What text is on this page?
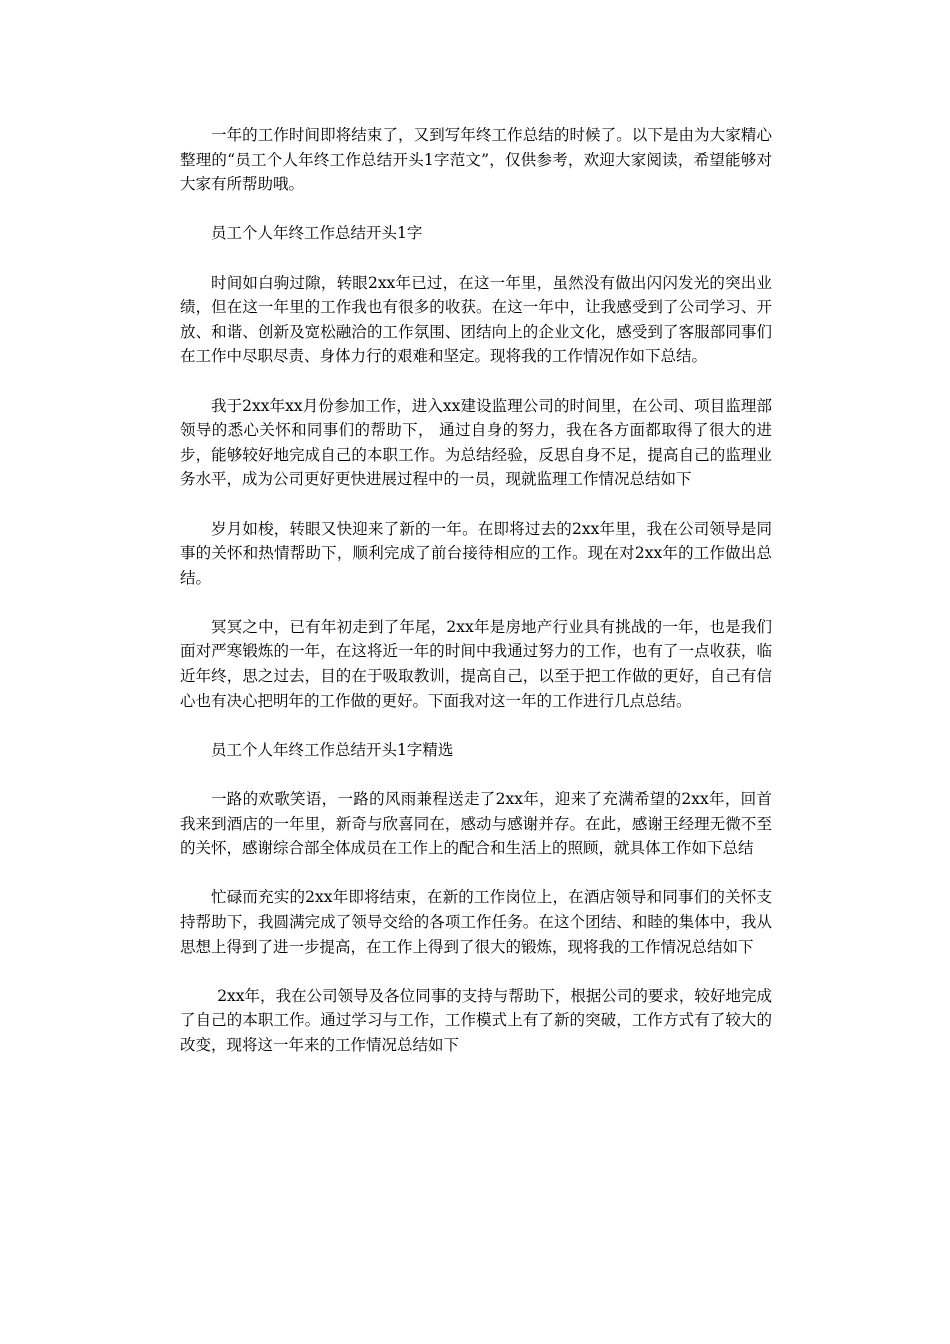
一年的工作时间即将结束了，又到写年终工作总结的时候了。以下是由为大家精心整理的“员工个人年终工作总结开头1字范文”，仅供参考，欢迎大家阅读，希望能够对大家有所帮助哦。

员工个人年终工作总结开头1字

时间如白驹过隙，转眼2xx年已过，在这一年里，虽然没有做出闪闪发光的突出业绩，但在这一年里的工作我也有很多的收获。在这一年中，让我感受到了公司学习、开放、和谐、创新及宽松融洽的工作氛围、团结向上的企业文化，感受到了客服部同事们在工作中尽职尽责、身体力行的艰难和坚定。现将我的工作情况作如下总结。

我于2xx年xx月份参加工作，进入xx建设监理公司的时间里，在公司、项目监理部领导的悉心关怀和同事们的帮助下， 通过自身的努力，我在各方面都取得了很大的进步，能够较好地完成自己的本职工作。为总结经验，反思自身不足，提高自己的监理业务水平，成为公司更好更快进展过程中的一员，现就监理工作情况总结如下

岁月如梭，转眼又快迎来了新的一年。在即将过去的2xx年里，我在公司领导是同事的关怀和热情帮助下，顺利完成了前台接待相应的工作。现在对2xx年的工作做出总结。

冥冥之中，已有年初走到了年尾，2xx年是房地产行业具有挑战的一年，也是我们面对严寒锻炼的一年，在这将近一年的时间中我通过努力的工作，也有了一点收获，临近年终，思之过去，目的在于吸取教训，提高自己，以至于把工作做的更好，自己有信心也有决心把明年的工作做的更好。下面我对这一年的工作进行几点总结。

员工个人年终工作总结开头1字精选

一路的欢歌笑语，一路的风雨兼程送走了2xx年，迎来了充满希望的2xx年，回首我来到酒店的一年里，新奇与欣喜同在，感动与感谢并存。在此，感谢王经理无微不至的关怀，感谢综合部全体成员在工作上的配合和生活上的照顾，就具体工作如下总结

忙碌而充实的2xx年即将结束，在新的工作岗位上，在酒店领导和同事们的关怀支持帮助下，我圆满完成了领导交给的各项工作任务。在这个团结、和睦的集体中，我从思想上得到了进一步提高，在工作上得到了很大的锻炼，现将我的工作情况总结如下

2xx年，我在公司领导及各位同事的支持与帮助下，根据公司的要求，较好地完成了自己的本职工作。通过学习与工作，工作模式上有了新的突破，工作方式有了较大的改变，现将这一年来的工作情况总结如下
